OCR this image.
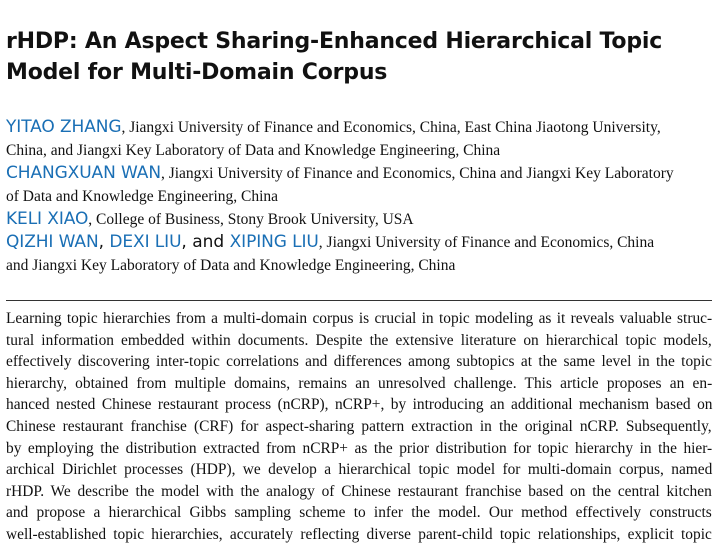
rHDP: An Aspect Sharing-Enhanced Hierarchical Topic
Model for Multi-Domain Corpus
YITAO ZHANG, Jiangxi University of Finance and Economics, China, East China Jiaotong University,
China, and Jiangxi Key Laboratory of Data and Knowledge Engineering, China
CHANGXUAN WAN, Jiangxi University of Finance and Economics, China and Jiangxi Key Laboratory
of Data and Knowledge Engineering, China
KELI XIAO, College of Business, Stony Brook University, USA
QIZHI WAN, DEXI LIU, and XIPING LIU, Jiangxi University of Finance and Economics, China
and Jiangxi Key Laboratory of Data and Knowledge Engineering, China
Learning topic hierarchies from a multi-domain corpus is crucial in topic modeling as it reveals valuable struc-
tural information embedded within documents. Despite the extensive literature on hierarchical topic models,
effectively discovering inter-topic correlations and differences among subtopics at the same level in the topic
hierarchy, obtained from multiple domains, remains an unresolved challenge. This article proposes an en-
hanced nested Chinese restaurant process (nCRP), nCRP+, by introducing an additional mechanism based on
Chinese restaurant franchise (CRF) for aspect-sharing pattern extraction in the original nCRP. Subsequently,
by employing the distribution extracted from nCRP+ as the prior distribution for topic hierarchy in the hier-
archical Dirichlet processes (HDP), we develop a hierarchical topic model for multi-domain corpus, named
rHDP. We describe the model with the analogy of Chinese restaurant franchise based on the central kitchen
and propose a hierarchical Gibbs sampling scheme to infer the model. Our method effectively constructs
well-established topic hierarchies, accurately reflecting diverse parent-child topic relationships, explicit topic
